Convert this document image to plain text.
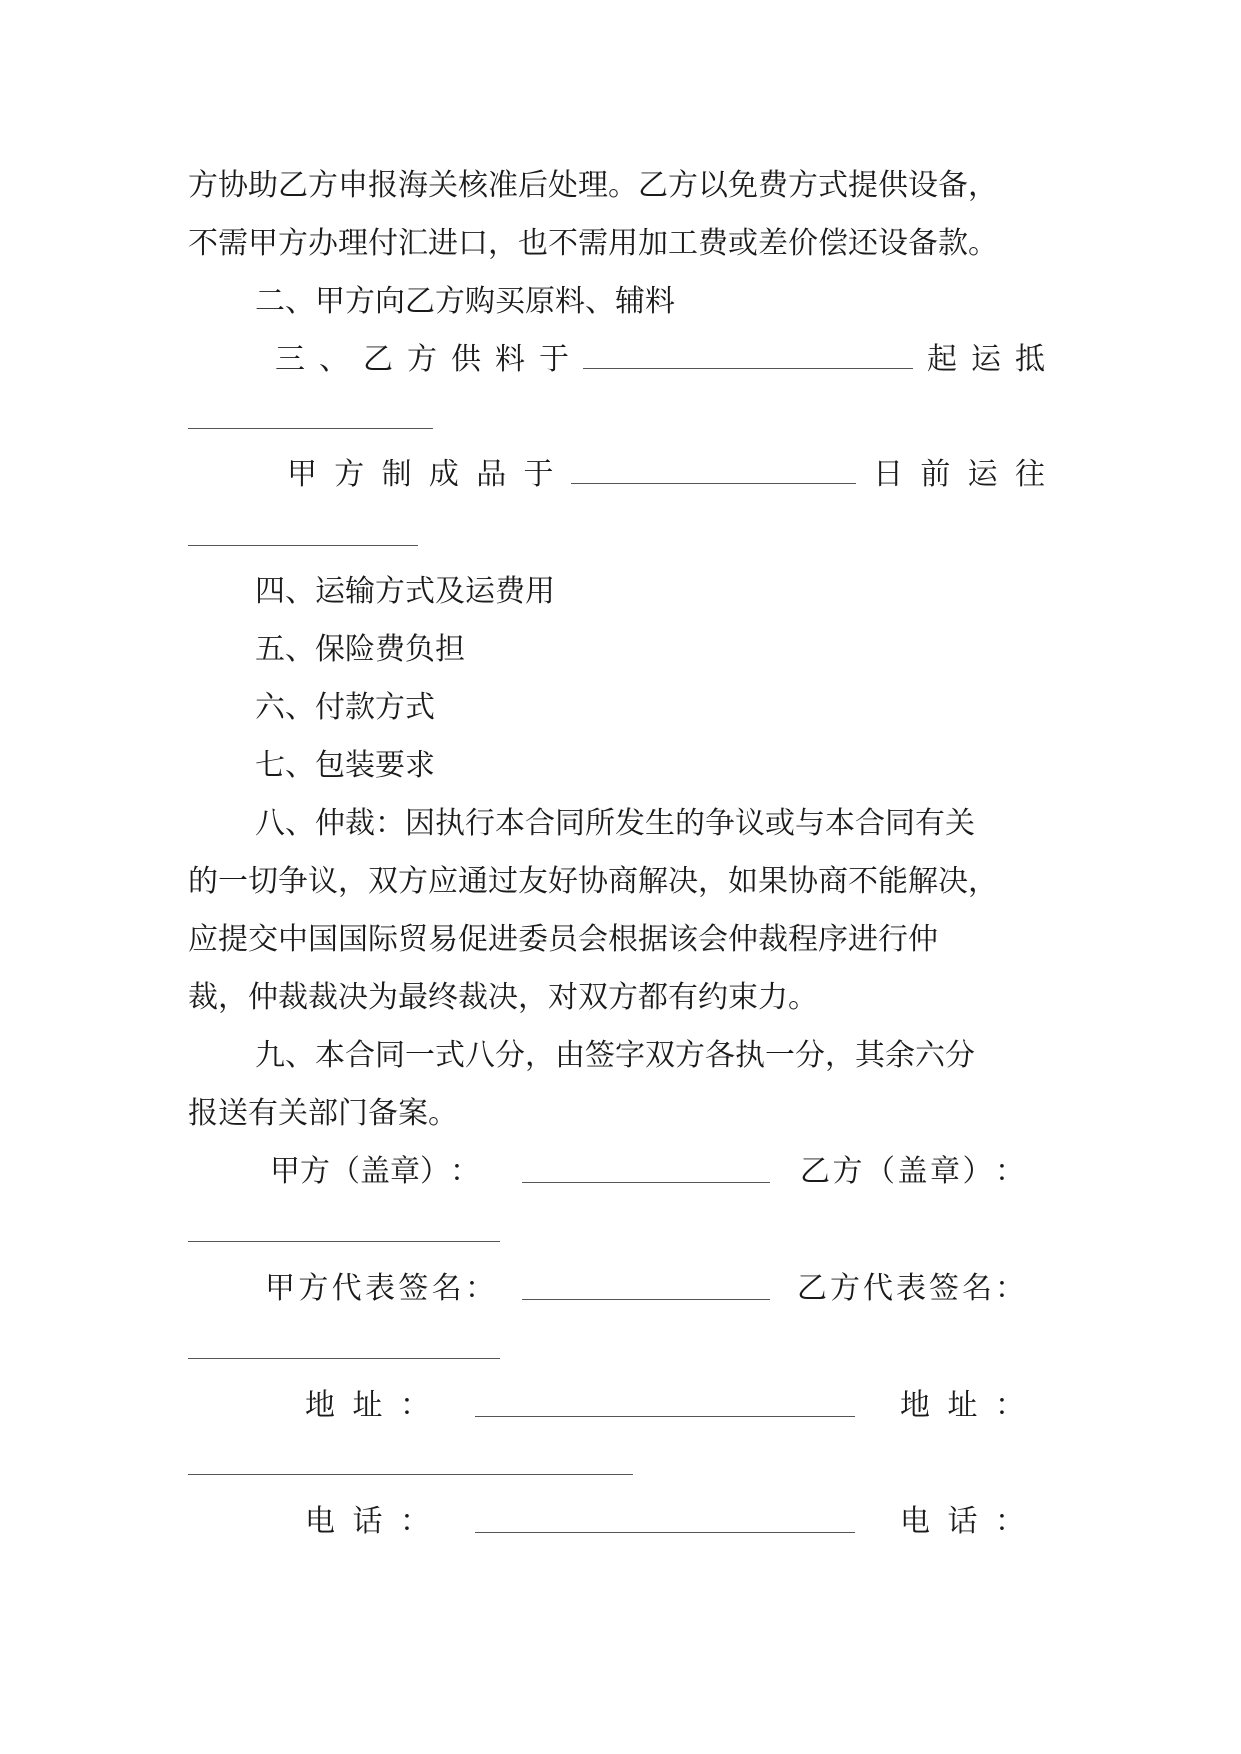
方协助乙方申报海关核准后处理。乙方以免费方式提供设备，

不需甲方办理付汇进口，也不需用加工费或差价偿还设备款。

二、甲方向乙方购买原料、辅料

三 、 乙 方 供 料 于	起 运 抵
甲 方 制 成 品 于	日 前 运 往

四、运输方式及运费用

五、保险费负担

六、付款方式

七、包装要求

八、仲裁：因执行本合同所发生的争议或与本合同有关

的一切争议，双方应通过友好协商解决，如果协商不能解决，

应提交中国国际贸易促进委员会根据该会仲裁程序进行仲

裁，仲裁裁决为最终裁决，对双方都有约束力。

九、本合同一式八分，由签字双方各执一分，其余六分

报送有关部门备案。

甲 方 （ 盖 章 ） ：	乙 方 （ 盖 章 ） ：
甲 方 代 表 签 名 ：	乙 方 代 表 签 名 ：
地 址 ：	地 址 ：
电 话 ：	电 话 ：
